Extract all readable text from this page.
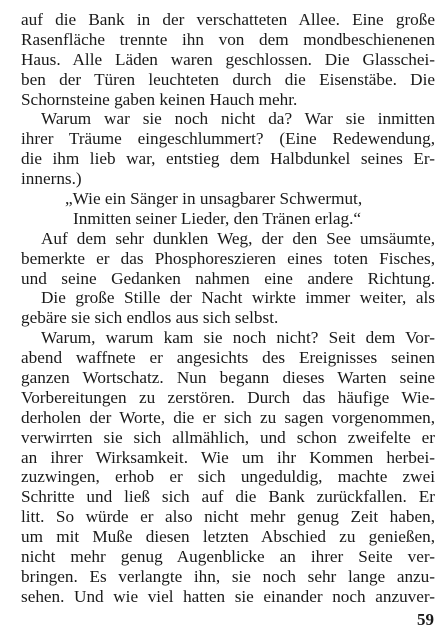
auf die Bank in der verschatteten Allee. Eine große
Rasenfläche trennte ihn von dem mondbeschienenen
Haus. Alle Läden waren geschlossen. Die Glasschei-
ben der Türen leuchteten durch die Eisenstäbe. Die
Schornsteine gaben keinen Hauch mehr.
Warum war sie noch nicht da? War sie inmitten
ihrer Träume eingeschlummert? (Eine Redewendung,
die ihm lieb war, entstieg dem Halbdunkel seines Er-
innerns.)
„Wie ein Sänger in unsagbarer Schwermut,
Inmitten seiner Lieder, den Tränen erlag.“
Auf dem sehr dunklen Weg, der den See umsäumte,
bemerkte er das Phosphoreszieren eines toten Fisches,
und seine Gedanken nahmen eine andere Richtung.
Die große Stille der Nacht wirkte immer weiter, als
gebäre sie sich endlos aus sich selbst.
Warum, warum kam sie noch nicht? Seit dem Vor-
abend waffnete er angesichts des Ereignisses seinen
ganzen Wortschatz. Nun begann dieses Warten seine
Vorbereitungen zu zerstören. Durch das häufige Wie-
derholen der Worte, die er sich zu sagen vorgenommen,
verwirrten sie sich allmählich, und schon zweifelte er
an ihrer Wirksamkeit. Wie um ihr Kommen herbei-
zuzwingen, erhob er sich ungeduldig, machte zwei
Schritte und ließ sich auf die Bank zurückfallen. Er
litt. So würde er also nicht mehr genug Zeit haben,
um mit Muße diesen letzten Abschied zu genießen,
nicht mehr genug Augenblicke an ihrer Seite ver-
bringen. Es verlangte ihn, sie noch sehr lange anzu-
sehen. Und wie viel hatten sie einander noch anzuver-
59
